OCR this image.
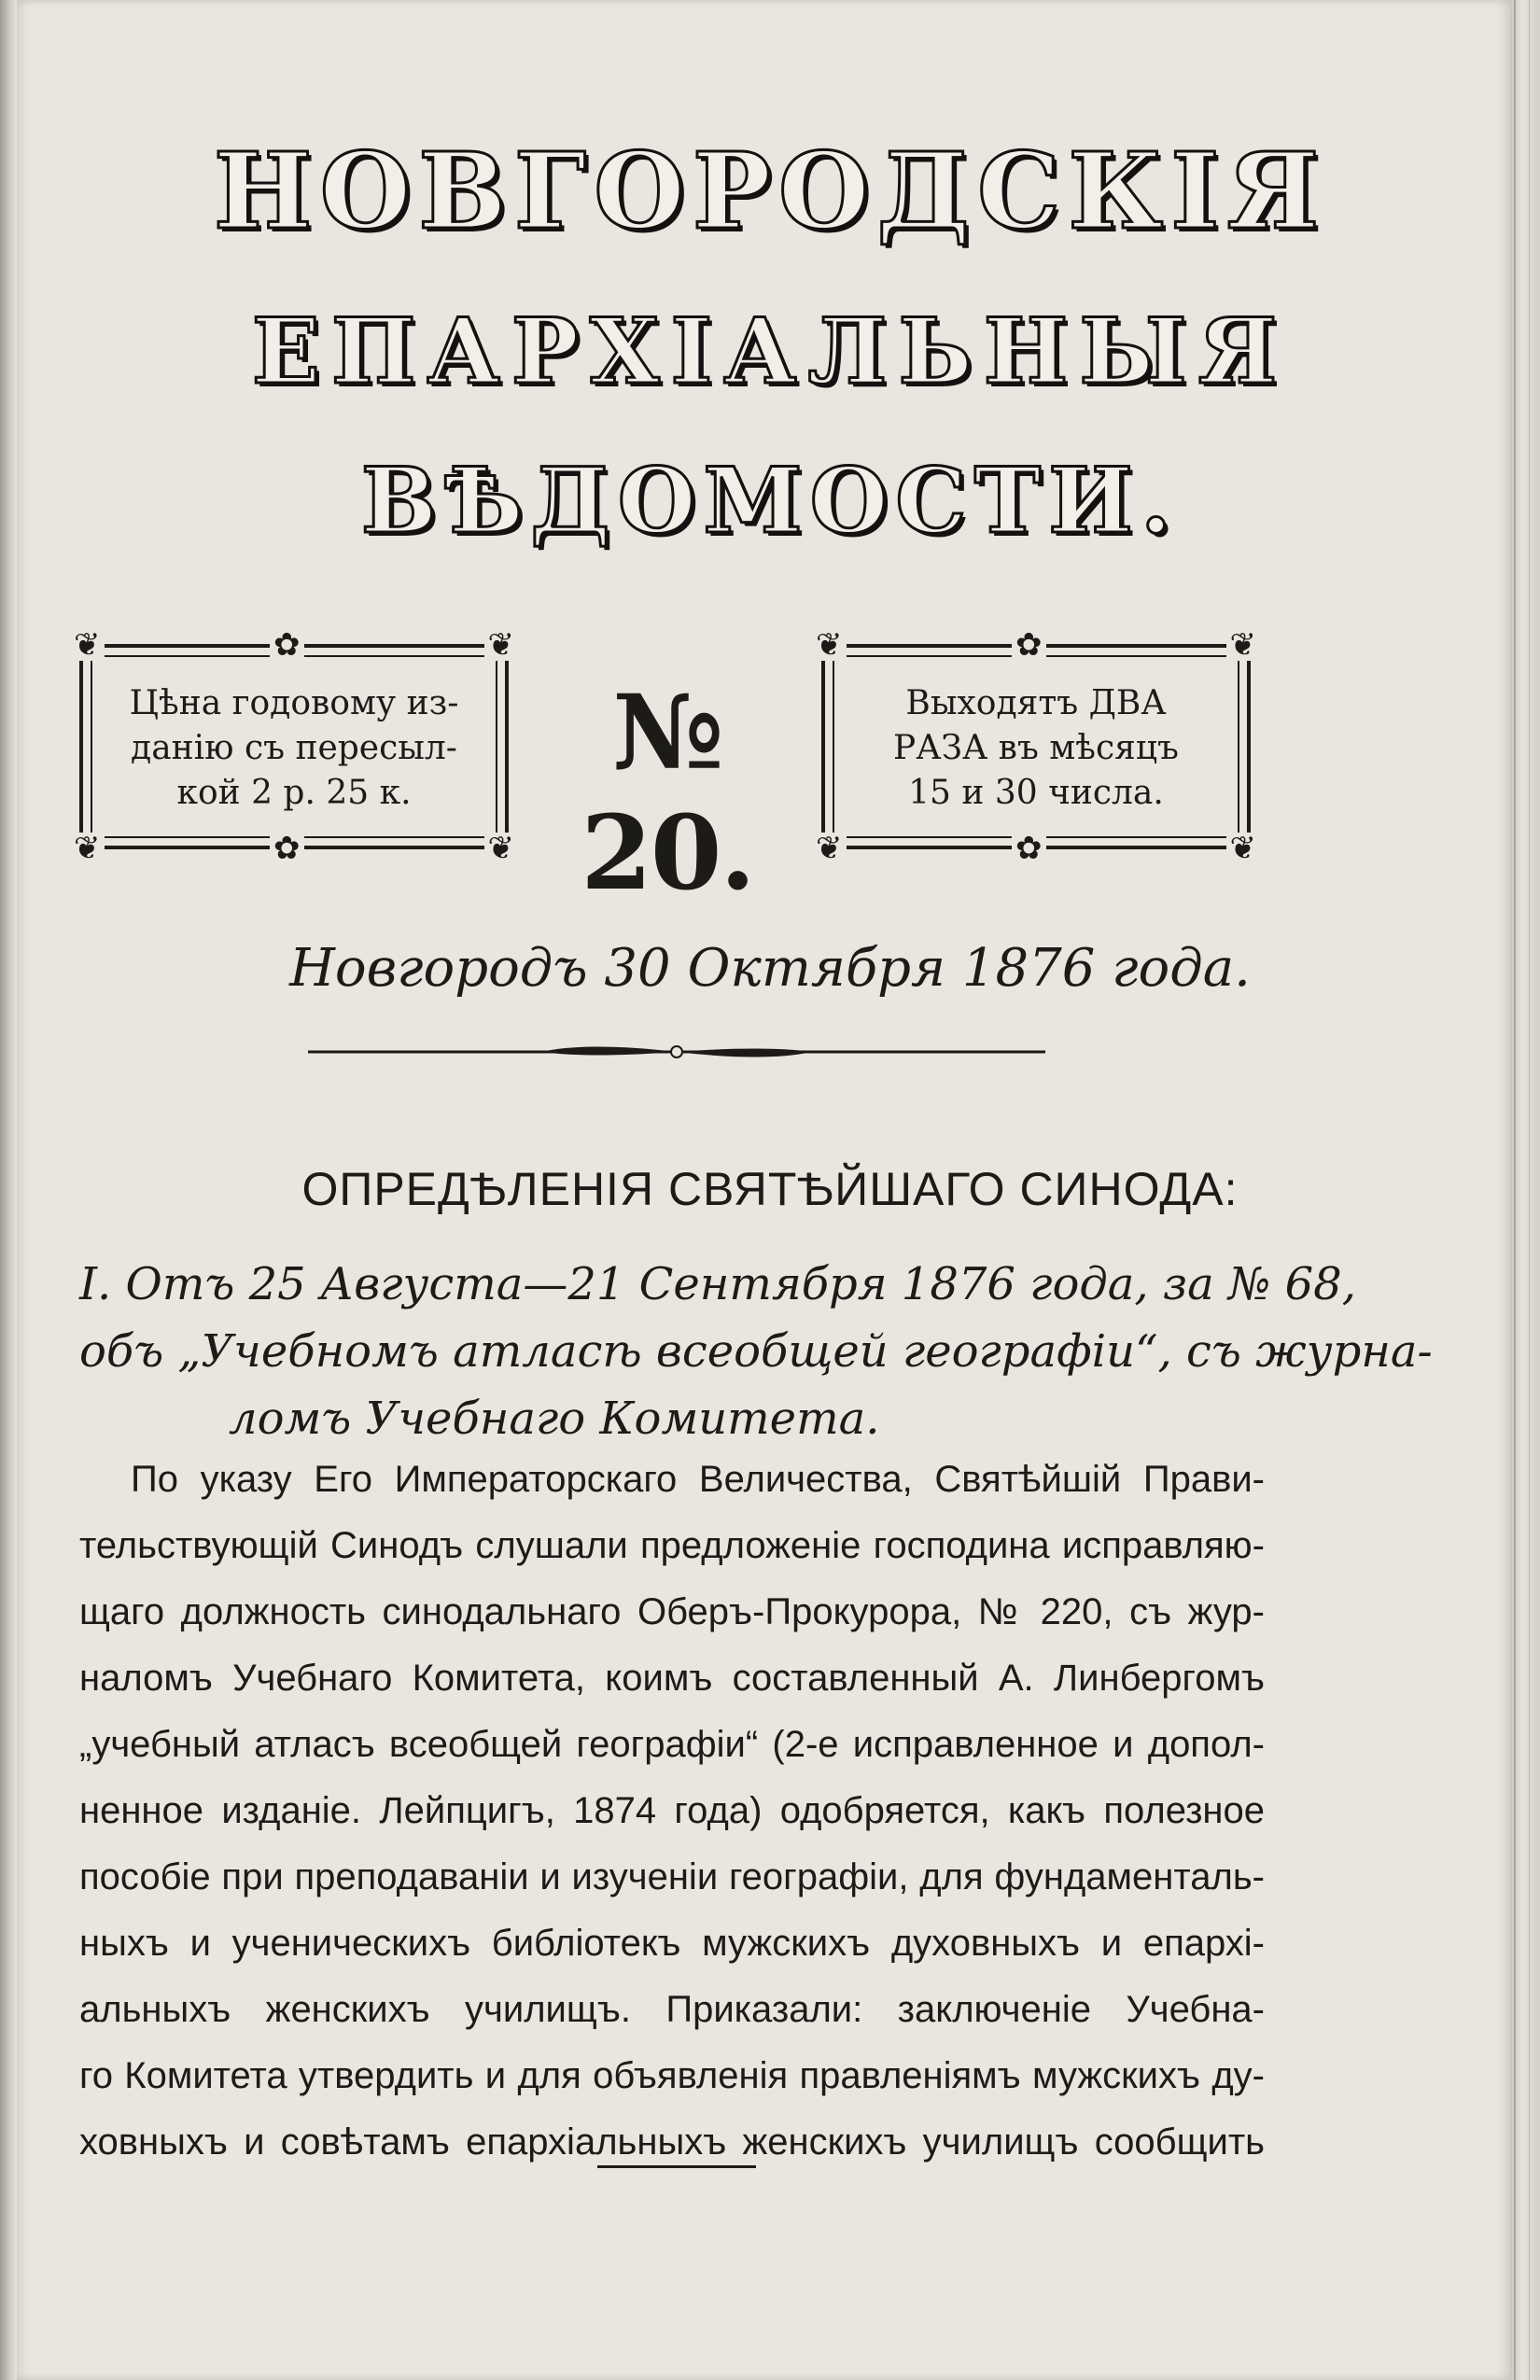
НОВГОРОДСКІЯ
ЕПАРХІАЛЬНЫЯ
ВѢДОМОСТИ.
❦	❦
❦	❦
✿
✿
Цѣна годовому из-
данію съ пересыл-
кой 2 р. 25 к.
№ 20.
❦	❦
❦	❦
✿
✿
Выходятъ ДВА
РАЗА въ мѣсяцъ
15 и 30 числа.
Новгородъ 30 Октября 1876 года.
ОПРЕДѢЛЕНІЯ СВЯТѢЙШАГО СИНОДА:
I. Отъ 25 Августа—21 Сентября 1876 года, за № 68,
объ „Учебномъ атласѣ всеобщей географіи“, съ журна-
ломъ Учебнаго Комитета.
По указу Его Императорскаго Величества, Святѣйшій Прави-
тельствующій Синодъ слушали предложеніе господина исправляю-
щаго должность синодальнаго Оберъ-Прокурора, № 220, съ жур-
наломъ Учебнаго Комитета, коимъ составленный А. Линбергомъ
„учебный атласъ всеобщей географіи“ (2-е исправленное и допол-
ненное изданіе. Лейпцигъ, 1874 года) одобряется, какъ полезное
пособіе при преподаваніи и изученіи географіи, для фундаменталь-
ныхъ и ученическихъ библіотекъ мужскихъ духовныхъ и епархі-
альныхъ женскихъ училищъ. Приказали: заключеніе Учебна-
го Комитета утвердить и для объявленія правленіямъ мужскихъ ду-
ховныхъ и совѣтамъ епархіальныхъ женскихъ училищъ сообщить
